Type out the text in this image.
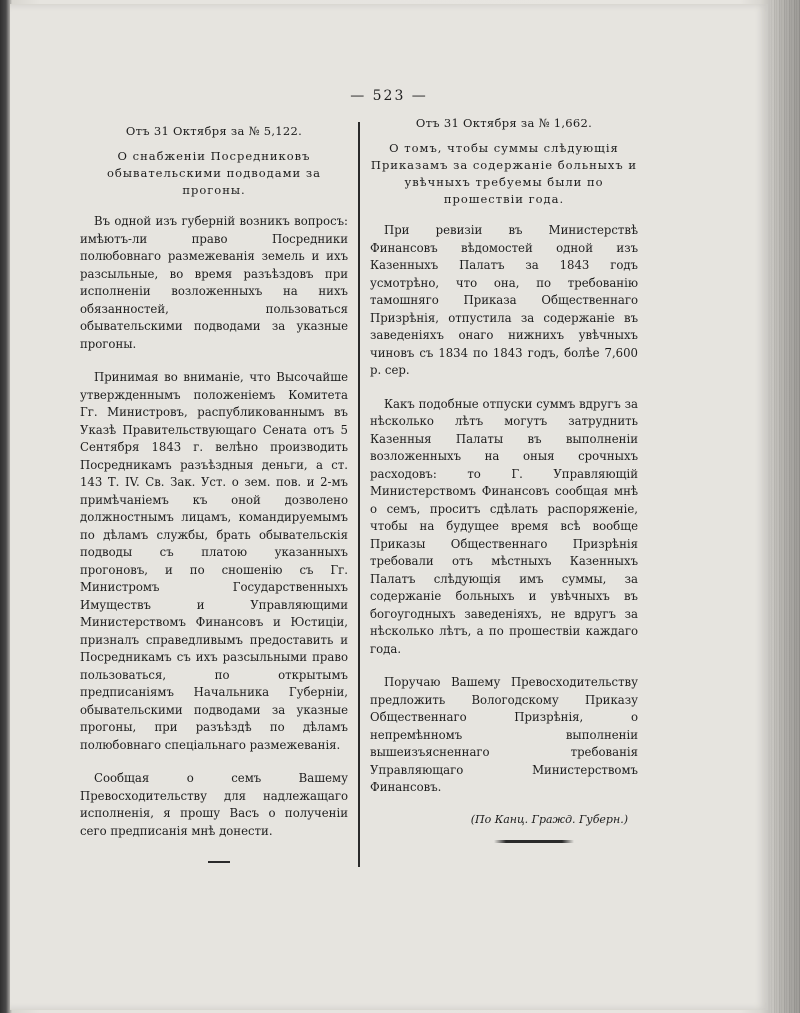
— 523 —
Отъ 31 Октября за № 5,122.
О снабженіи Посредниковъ обывательскими подводами за прогоны.

Въ одной изъ губерній возникъ вопросъ: имѣютъ-ли право Посредники полюбовнаго размежеванія земель и ихъ разсыльные, во время разъѣздовъ при исполненіи возложенныхъ на нихъ обязанностей, пользоваться обывательскими подводами за указные прогоны.

Принимая во вниманіе, что Высочайше утвержденнымъ положеніемъ Комитета Гг. Министровъ, распубликованнымъ въ Указѣ Правительствующаго Сената отъ 5 Сентября 1843 г. велѣно производить Посредникамъ разъѣздныя деньги, а ст. 143 Т. IV. Св. Зак. Уст. о зем. пов. и 2-мъ примѣчаніемъ къ оной дозволено должностнымъ лицамъ, командируемымъ по дѣламъ службы, брать обывательскія подводы съ платою указанныхъ прогоновъ, и по сношенію съ Гг. Министромъ Государственныхъ Имуществъ и Управляющими Министерствомъ Финансовъ и Юстиціи, призналъ справедливымъ предоставить и Посредникамъ съ ихъ разсыльными право пользоваться, по открытымъ предписаніямъ Начальника Губерніи, обывательскими подводами за указные прогоны, при разъѣздѣ по дѣламъ полюбовнаго спеціальнаго размежеванія.

Сообщая о семъ Вашему Превосходительству для надлежащаго исполненія, я прошу Васъ о полученіи сего предписанія мнѣ донести.

Отъ 31 Октября за № 1,662.
О томъ, чтобы суммы слѣдующія Приказамъ за содержаніе больныхъ и увѣчныхъ требуемы были по прошествіи года.

При ревизіи въ Министерствѣ Финансовъ вѣдомостей одной изъ Казенныхъ Палатъ за 1843 годъ усмотрѣно, что она, по требованію тамошняго Приказа Общественнаго Призрѣнія, отпустила за содержаніе въ заведеніяхъ онаго нижнихъ увѣчныхъ чиновъ съ 1834 по 1843 годъ, болѣе 7,600 р. сер.

Какъ подобные отпуски суммъ вдругъ за нѣсколько лѣтъ могутъ затруднить Казенныя Палаты въ выполненіи возложенныхъ на оныя срочныхъ расходовъ: то Г. Управляющій Министерствомъ Финансовъ сообщая мнѣ о семъ, проситъ сдѣлать распоряженіе, чтобы на будущее время всѣ вообще Приказы Общественнаго Призрѣнія требовали отъ мѣстныхъ Казенныхъ Палатъ слѣдующія имъ суммы, за содержаніе больныхъ и увѣчныхъ въ богоугодныхъ заведеніяхъ, не вдругъ за нѣсколько лѣтъ, а по прошествіи каждаго года.

Поручаю Вашему Превосходительству предложить Вологодскому Приказу Общественнаго Призрѣнія, о непремѣнномъ выполненіи вышеизъясненнаго требованія Управляющаго Министерствомъ Финансовъ.

(По Канц. Гражд. Губерн.)
